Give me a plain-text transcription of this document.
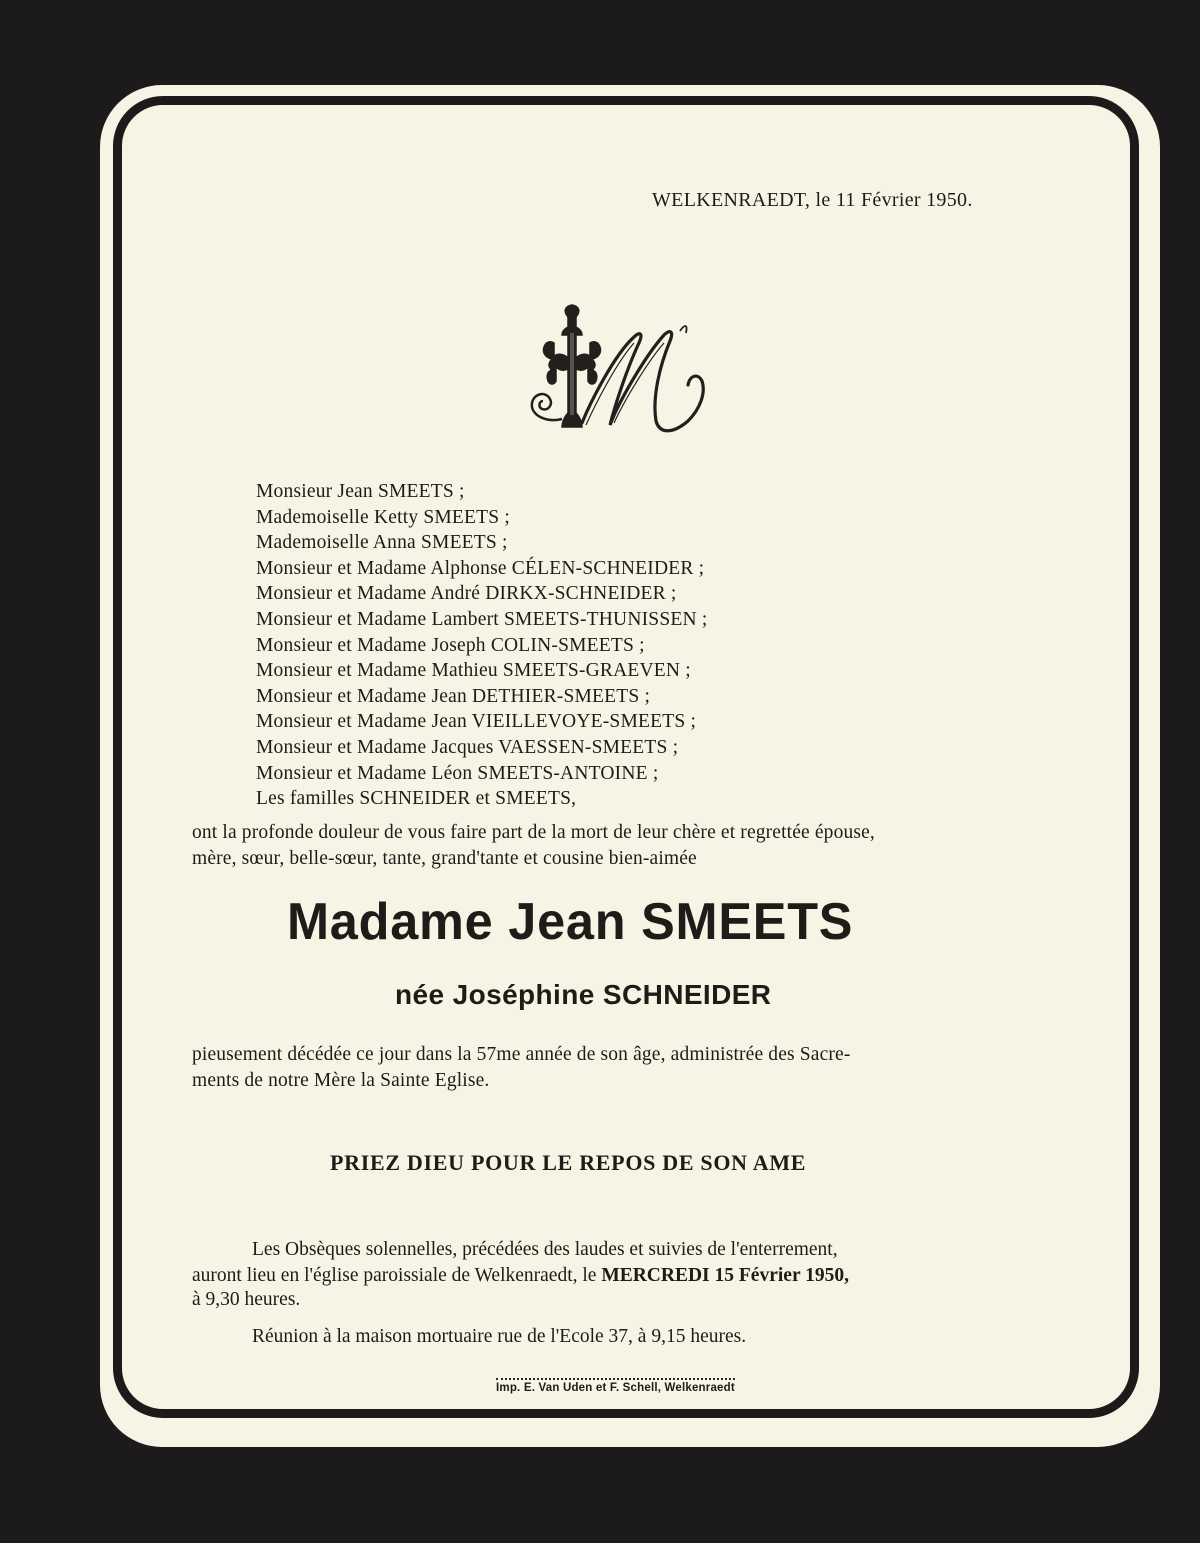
WELKENRAEDT, le 11 Février 1950.
Monsieur Jean SMEETS ;
Mademoiselle Ketty SMEETS ;
Mademoiselle Anna SMEETS ;
Monsieur et Madame Alphonse CÉLEN-SCHNEIDER ;
Monsieur et Madame André DIRKX-SCHNEIDER ;
Monsieur et Madame Lambert SMEETS-THUNISSEN ;
Monsieur et Madame Joseph COLIN-SMEETS ;
Monsieur et Madame Mathieu SMEETS-GRAEVEN ;
Monsieur et Madame Jean DETHIER-SMEETS ;
Monsieur et Madame Jean VIEILLEVOYE-SMEETS ;
Monsieur et Madame Jacques VAESSEN-SMEETS ;
Monsieur et Madame Léon SMEETS-ANTOINE ;
Les familles SCHNEIDER et SMEETS,
ont la profonde douleur de vous faire part de la mort de leur chère et regrettée épouse,
mère, sœur, belle-sœur, tante, grand'tante et cousine bien-aimée
Madame Jean SMEETS
née Joséphine SCHNEIDER
pieusement décédée ce jour dans la 57me année de son âge, administrée des Sacre-
ments de notre Mère la Sainte Eglise.
PRIEZ DIEU POUR LE REPOS DE SON AME
Les Obsèques solennelles, précédées des laudes et suivies de l'enterrement,
auront lieu en l'église paroissiale de Welkenraedt, le MERCREDI 15 Février 1950,
à 9,30 heures.
Réunion à la maison mortuaire rue de l'Ecole 37, à 9,15 heures.
Imp. E. Van Uden et F. Schell, Welkenraedt
